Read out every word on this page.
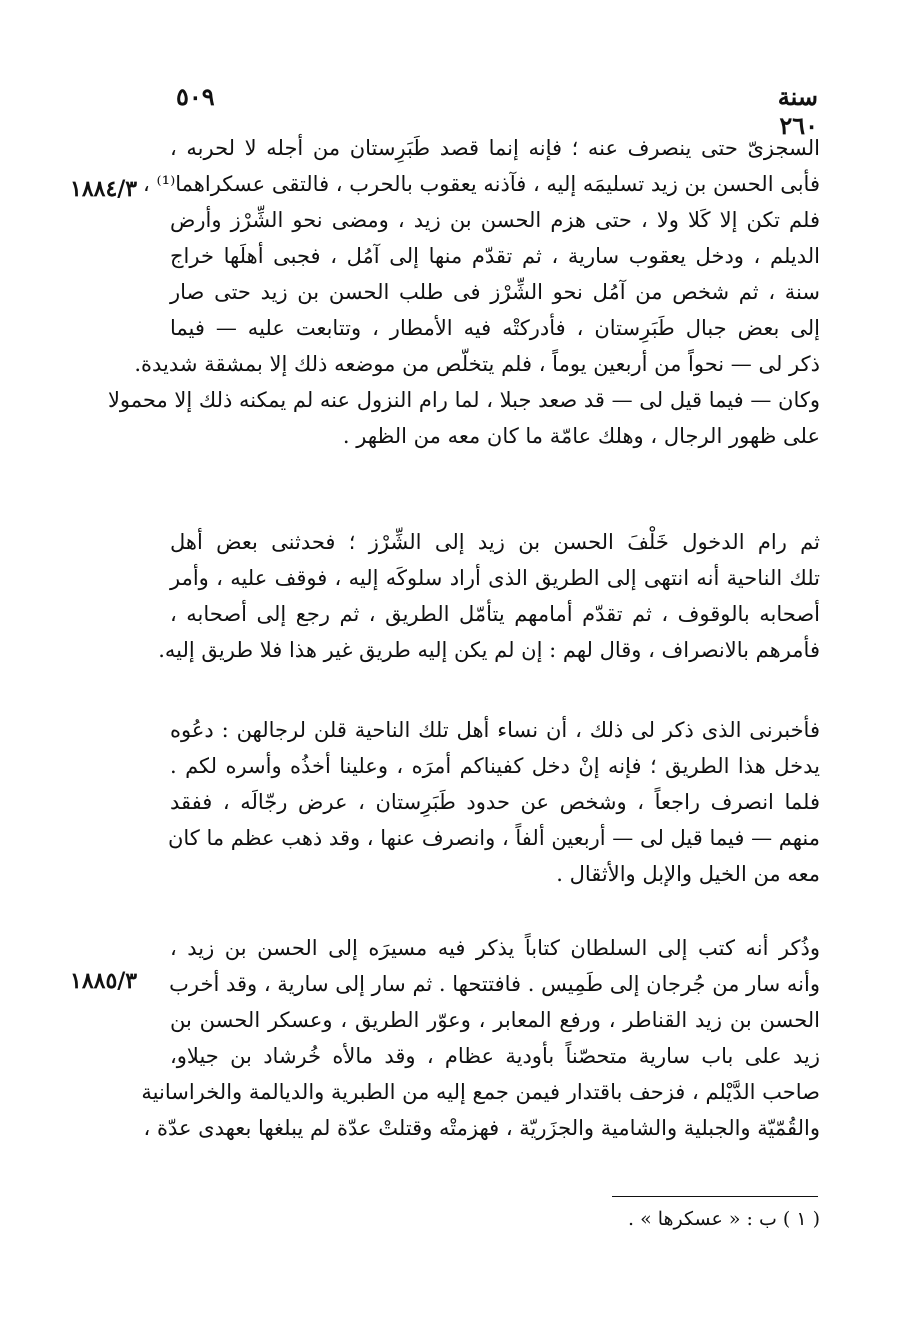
٥٠٩	سنة ٢٦٠
١٨٨٤/٣
١٨٨٥/٣
السجزىّ حتى ينصرف عنه ؛ فإنه إنما قصد طَبَرِستان من أجله لا لحربه ،
فأبى الحسن بن زيد تسليمَه إليه ، فآذنه يعقوب بالحرب ، فالتقى عسكراهما⁽¹⁾ ،
فلم تكن إلا كَلا ولا ، حتى هزم الحسن بن زيد ، ومضى نحو الشِّرْز وأرض
الديلم ، ودخل يعقوب سارية ، ثم تقدّم منها إلى آمُل ، فجبى أهلَها خراج
سنة ، ثم شخص من آمُل نحو الشِّرْز فى طلب الحسن بن زيد حتى صار
إلى بعض جبال طَبَرِستان ، فأدركتْه فيه الأمطار ، وتتابعت عليه — فيما
ذكر لى — نحواً من أربعين يوماً ، فلم يتخلّص من موضعه ذلك إلا بمشقة شديدة.
وكان — فيما قيل لى — قد صعد جبلا ، لما رام النزول عنه لم يمكنه ذلك إلا محمولا
على ظهور الرجال ، وهلك عامّة ما كان معه من الظهر .
ثم رام الدخول خَلْفَ الحسن بن زيد إلى الشِّرْز ؛ فحدثنى بعض أهل
تلك الناحية أنه انتهى إلى الطريق الذى أراد سلوكَه إليه ، فوقف عليه ، وأمر
أصحابه بالوقوف ، ثم تقدّم أمامهم يتأمّل الطريق ، ثم رجع إلى أصحابه ،
فأمرهم بالانصراف ، وقال لهم : إن لم يكن إليه طريق غير هذا فلا طريق إليه.
فأخبرنى الذى ذكر لى ذلك ، أن نساء أهل تلك الناحية قلن لرجالهن : دعُوه
يدخل هذا الطريق ؛ فإنه إنْ دخل كفيناكم أمرَه ، وعلينا أخذُه وأسره لكم .
فلما انصرف راجعاً ، وشخص عن حدود طَبَرِستان ، عرض رجّالَه ، ففقد
منهم — فيما قيل لى — أربعين ألفاً ، وانصرف عنها ، وقد ذهب عظم ما كان
معه من الخيل والإبل والأثقال .
وذُكر أنه كتب إلى السلطان كتاباً يذكر فيه مسيرَه إلى الحسن بن زيد ،
وأنه سار من جُرجان إلى طَمِيس . فافتتحها . ثم سار إلى سارية ، وقد أخرب
الحسن بن زيد القناطر ، ورفع المعابر ، وعوّر الطريق ، وعسكر الحسن بن
زيد على باب سارية متحصّناً بأودية عظام ، وقد مالأه خُرشاد بن جيلاو،
صاحب الدَّيْلم ، فزحف باقتدار فيمن جمع إليه من الطبرية والديالمة والخراسانية
والقُمّيّة والجبلية والشامية والجزَريّة ، فهزمتْه وقتلتْ عدّة لم يبلغها بعهدى عدّة ،
( ١ ) ب : « عسكرها » .
